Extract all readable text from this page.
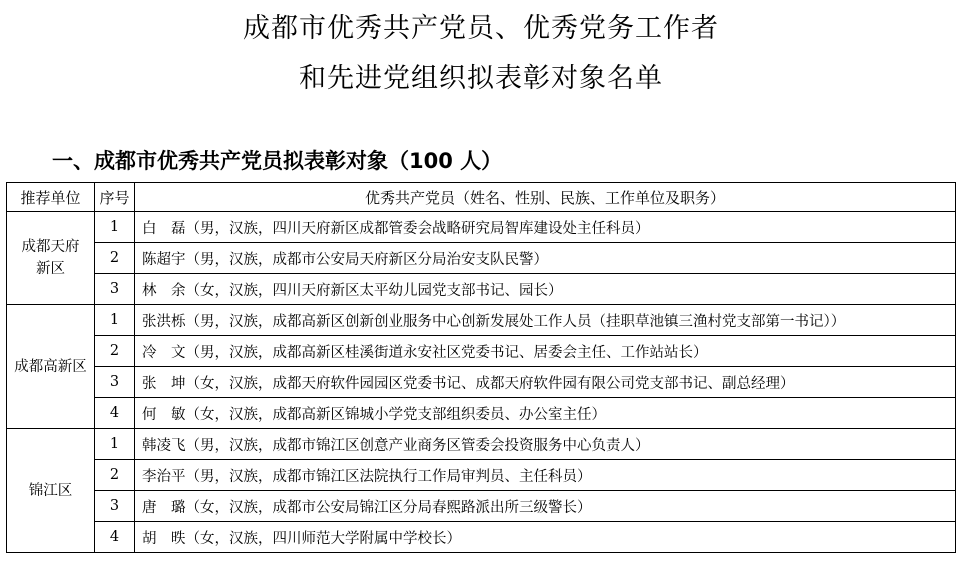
成都市优秀共产党员、优秀党务工作者
和先进党组织拟表彰对象名单
一、成都市优秀共产党员拟表彰对象（100 人）
推荐单位	序号	优秀共产党员（姓名、性别、民族、工作单位及职务）
成都天府新区	1	白　磊（男，汉族，四川天府新区成都管委会战略研究局智库建设处主任科员）
	2	陈超宇（男，汉族，成都市公安局天府新区分局治安支队民警）
	3	林　余（女，汉族，四川天府新区太平幼儿园党支部书记、园长）
成都高新区	1	张洪栎（男，汉族，成都高新区创新创业服务中心创新发展处工作人员（挂职草池镇三渔村党支部第一书记））
	2	冷　文（男，汉族，成都高新区桂溪街道永安社区党委书记、居委会主任、工作站站长）
	3	张　坤（女，汉族，成都天府软件园园区党委书记、成都天府软件园有限公司党支部书记、副总经理）
	4	何　敏（女，汉族，成都高新区锦城小学党支部组织委员、办公室主任）
锦江区	1	韩凌飞（男，汉族，成都市锦江区创意产业商务区管委会投资服务中心负责人）
	2	李治平（男，汉族，成都市锦江区法院执行工作局审判员、主任科员）
	3	唐　璐（女，汉族，成都市公安局锦江区分局春熙路派出所三级警长）
	4	胡　昳（女，汉族，四川师范大学附属中学校长）
